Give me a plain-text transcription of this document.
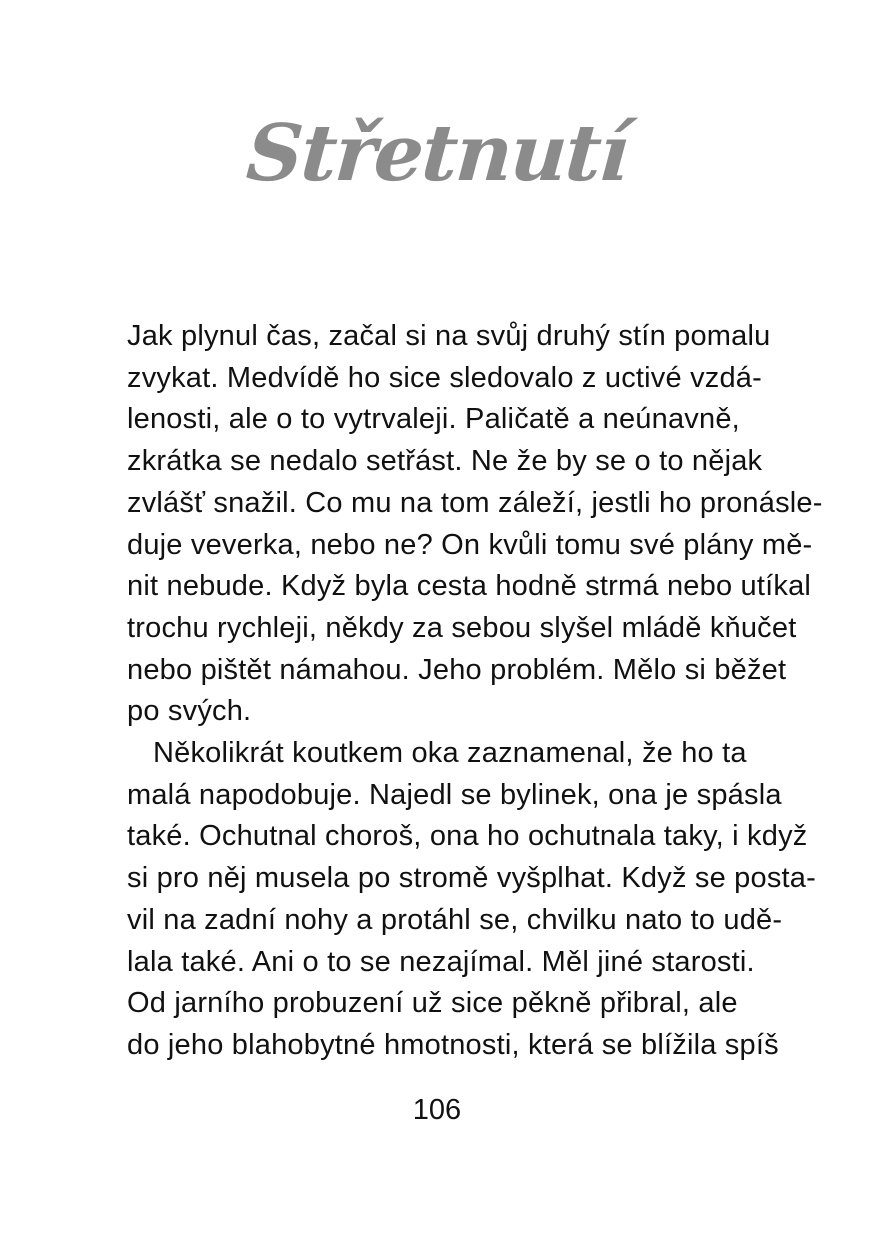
Střetnutí
Jak plynul čas, začal si na svůj druhý stín pomalu
zvykat. Medvídě ho sice sledovalo z uctivé vzdá-
lenosti, ale o to vytrvaleji. Paličatě a neúnavně,
zkrátka se nedalo setřást. Ne že by se o to nějak
zvlášť snažil. Co mu na tom záleží, jestli ho pronásle-
duje veverka, nebo ne? On kvůli tomu své plány mě-
nit nebude. Když byla cesta hodně strmá nebo utíkal
trochu rychleji, někdy za sebou slyšel mládě kňučet
nebo pištět námahou. Jeho problém. Mělo si běžet
po svých.
Několikrát koutkem oka zaznamenal, že ho ta
malá napodobuje. Najedl se bylinek, ona je spásla
také. Ochutnal choroš, ona ho ochutnala taky, i když
si pro něj musela po stromě vyšplhat. Když se posta-
vil na zadní nohy a protáhl se, chvilku nato to udě-
lala také. Ani o to se nezajímal. Měl jiné starosti.
Od jarního probuzení už sice pěkně přibral, ale
do jeho blahobytné hmotnosti, která se blížila spíš
106
